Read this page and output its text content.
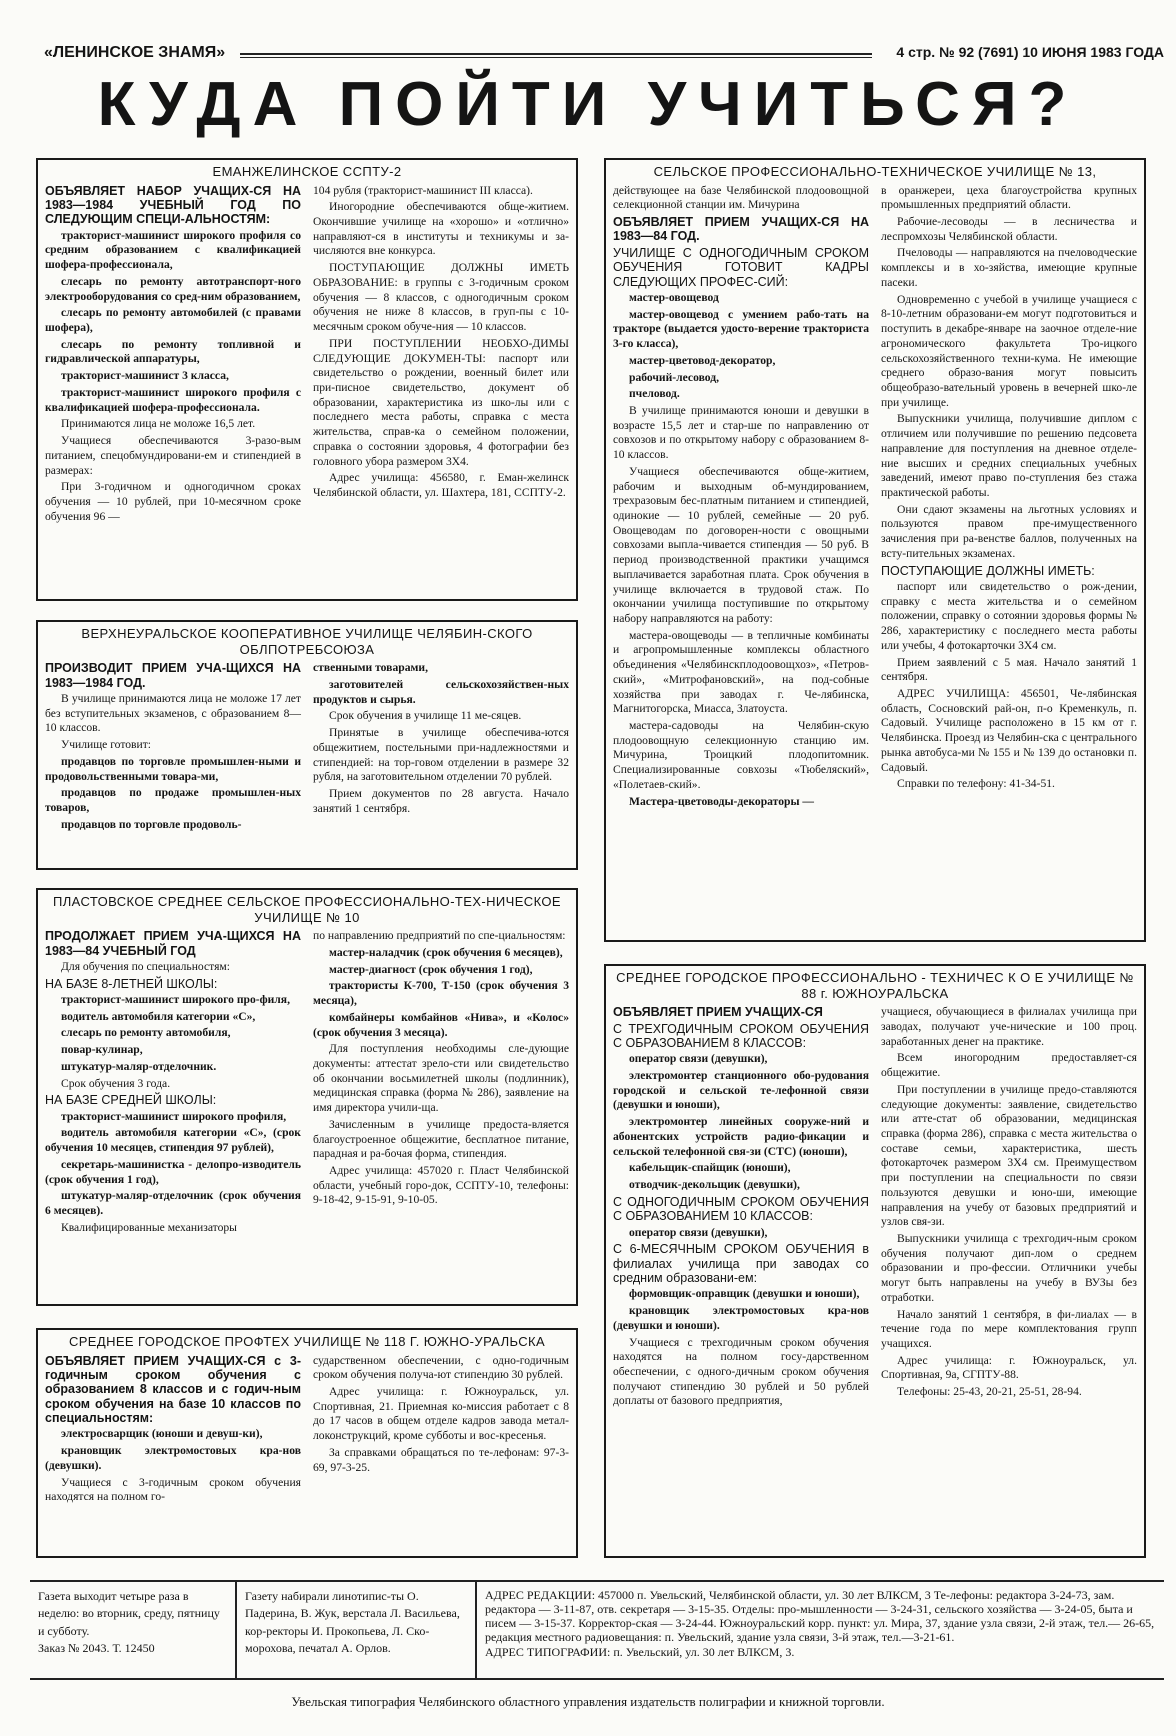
«ЛЕНИНСКОЕ ЗНАМЯ»	4 стр. № 92 (7691) 10 ИЮНЯ 1983 ГОДА
КУДА ПОЙТИ УЧИТЬСЯ?
ЕМАНЖЕЛИНСКОЕ ССПТУ-2

ОБЪЯВЛЯЕТ НАБОР УЧАЩИХ-СЯ НА 1983—1984 УЧЕБНЫЙ ГОД ПО СЛЕДУЮЩИМ СПЕЦИ-АЛЬНОСТЯМ:

тракторист-машинист широкого профиля со средним образованием с квалификацией шофера-профессионала,

слесарь по ремонту автотранспорт-ного электрооборудования со сред-ним образованием,

слесарь по ремонту автомобилей (с правами шофера),

слесарь по ремонту топливной и гидравлической аппаратуры,

тракторист-машинист 3 класса,

тракторист-машинист широкого профиля с квалификацией шофера-профессионала.

Принимаются лица не моложе 16,5 лет.

Учащиеся обеспечиваются 3-разо-вым питанием, спецобмундировани-ем и стипендией в размерах:

При 3-годичном и одногодичном сроках обучения — 10 рублей, при 10-месячном сроке обучения 96 —

104 рубля (тракторист-машинист III класса).

Иногородние обеспечиваются обще-житием. Окончившие училище на «хорошо» и «отлично» направляют-ся в институты и техникумы и за-числяются вне конкурса.

ПОСТУПАЮЩИЕ ДОЛЖНЫ ИМЕТЬ ОБРАЗОВАНИЕ: в группы с 3-годичным сроком обучения — 8 классов, с одногодичным сроком обучения не ниже 8 классов, в груп-пы с 10-месячным сроком обуче-ния — 10 классов.

ПРИ ПОСТУПЛЕНИИ НЕОБХО-ДИМЫ СЛЕДУЮЩИЕ ДОКУМЕН-ТЫ: паспорт или свидетельство о рождении, военный билет или при-писное свидетельство, документ об образовании, характеристика из шко-лы или с последнего места работы, справка с места жительства, справ-ка о семейном положении, справка о состоянии здоровья, 4 фотографии без головного убора размером 3Х4.

Адрес училища: 456580, г. Еман-желинск Челябинской области, ул. Шахтера, 181, ССПТУ-2.

ВЕРХНЕУРАЛЬСКОЕ КООПЕРАТИВНОЕ УЧИЛИЩЕ ЧЕЛЯБИН-СКОГО ОБЛПОТРЕБСОЮЗА

ПРОИЗВОДИТ ПРИЕМ УЧА-ЩИХСЯ НА 1983—1984 ГОД.

В училище принимаются лица не моложе 17 лет без вступительных экзаменов, с образованием 8—10 классов.

Училище готовит:

продавцов по торговле промышлен-ными и продовольственными товара-ми,

продавцов по продаже промышлен-ных товаров,

продавцов по торговле продоволь-

ственными товарами,

заготовителей сельскохозяйствен-ных продуктов и сырья.

Срок обучения в училище 11 ме-сяцев.

Принятые в училище обеспечива-ются общежитием, постельными при-надлежностями и стипендией: на тор-говом отделении в размере 32 рубля, на заготовительном отделении 70 рублей.

Прием документов по 28 августа. Начало занятий 1 сентября.

ПЛАСТОВСКОЕ СРЕДНЕЕ СЕЛЬСКОЕ ПРОФЕССИОНАЛЬНО-ТЕХ-НИЧЕСКОЕ УЧИЛИЩЕ № 10

ПРОДОЛЖАЕТ ПРИЕМ УЧА-ЩИХСЯ НА 1983—84 УЧЕБНЫЙ ГОД

Для обучения по специальностям:

НА БАЗЕ 8-ЛЕТНЕЙ ШКОЛЫ:

тракторист-машинист широкого про-филя,

водитель автомобиля категории «С»,

слесарь по ремонту автомобиля,

повар-кулинар,

штукатур-маляр-отделочник.

Срок обучения 3 года.

НА БАЗЕ СРЕДНЕЙ ШКОЛЫ:

тракторист-машинист широкого профиля,

водитель автомобиля категории «С», (срок обучения 10 месяцев, стипендия 97 рублей),

секретарь-машинистка - делопро-изводитель (срок обучения 1 год),

штукатур-маляр-отделочник (срок обучения 6 месяцев).

Квалифицированные механизаторы

по направлению предприятий по спе-циальностям:

мастер-наладчик (срок обучения 6 месяцев),

мастер-диагност (срок обучения 1 год),

трактористы К-700, Т-150 (срок обучения 3 месяца),

комбайнеры комбайнов «Нива», и «Колос» (срок обучения 3 месяца).

Для поступления необходимы сле-дующие документы: аттестат зрело-сти или свидетельство об окончании восьмилетней школы (подлинник), медицинская справка (форма № 286), заявление на имя директора учили-ща.

Зачисленным в училище предоста-вляется благоустроенное общежитие, бесплатное питание, парадная и ра-бочая форма, стипендия.

Адрес училища: 457020 г. Пласт Челябинской области, учебный горо-док, ССПТУ-10, телефоны: 9-18-42, 9-15-91, 9-10-05.

СРЕДНЕЕ ГОРОДСКОЕ ПРОФТЕХ УЧИЛИЩЕ № 118 Г. ЮЖНО-УРАЛЬСКА

ОБЪЯВЛЯЕТ ПРИЕМ УЧАЩИХ-СЯ с 3-годичным сроком обучения с образованием 8 классов и с годич-ным сроком обучения на базе 10 классов по специальностям:

электросварщик (юноши и девуш-ки),

крановщик электромостовых кра-нов (девушки).

Учащиеся с 3-годичным сроком обучения находятся на полном го-

сударственном обеспечении, с одно-годичным сроком обучения получа-ют стипендию 30 рублей.

Адрес училища: г. Южноуральск, ул. Спортивная, 21. Приемная ко-миссия работает с 8 до 17 часов в общем отделе кадров завода метал-локонструкций, кроме субботы и вос-кресенья.

За справками обращаться по те-лефонам: 97-3-69, 97-3-25.

СЕЛЬСКОЕ ПРОФЕССИОНАЛЬНО-ТЕХНИЧЕСКОЕ УЧИЛИЩЕ № 13,

действующее на базе Челябинской плодоовощной селекционной станции им. Мичурина

ОБЪЯВЛЯЕТ ПРИЕМ УЧАЩИХ-СЯ НА 1983—84 ГОД.

УЧИЛИЩЕ С ОДНОГОДИЧНЫМ СРОКОМ ОБУЧЕНИЯ ГОТОВИТ КАДРЫ СЛЕДУЮЩИХ ПРОФЕС-СИЙ:

мастер-овощевод

мастер-овощевод с умением рабо-тать на тракторе (выдается удосто-верение тракториста 3-го класса),

мастер-цветовод-декоратор,

рабочий-лесовод,

пчеловод.

В училище принимаются юноши и девушки в возрасте 15,5 лет и стар-ше по направлению от совхозов и по открытому набору с образованием 8-10 классов.

Учащиеся обеспечиваются обще-житием, рабочим и выходным об-мундированием, трехразовым бес-платным питанием и стипендией, одинокие — 10 рублей, семейные — 20 руб. Овощеводам по договорен-ности с овощными совхозами выпла-чивается стипендия — 50 руб. В период производственной практики учащимся выплачивается заработная плата. Срок обучения в училище включается в трудовой стаж. По окончании училища поступившие по открытому набору направляются на работу:

мастера-овощеводы — в тепличные комбинаты и агропромышленные комплексы областного объединения «Челябинскплодоовощхоз», «Петров-ский», «Митрофановский», на под-собные хозяйства при заводах г. Че-лябинска, Магнитогорска, Миасса, Златоуста.

мастера-садоводы на Челябин-скую плодоовощную селекционную станцию им. Мичурина, Троицкий плодопитомник. Специализированные совхозы «Тюбеляский», «Полетаев-ский».

Мастера-цветоводы-декораторы —

в оранжереи, цеха благоустройства крупных промышленных предприятий области.

Рабочие-лесоводы — в лесничества и леспромхозы Челябинской области.

Пчеловоды — направляются на пчеловодческие комплексы и в хо-зяйства, имеющие крупные пасеки.

Одновременно с учебой в училище учащиеся с 8-10-летним образовани-ем могут подготовиться и поступить в декабре-январе на заочное отделе-ние агрономического факультета Тро-ицкого сельскохозяйственного техни-кума. Не имеющие среднего образо-вания могут повысить общеобразо-вательный уровень в вечерней шко-ле при училище.

Выпускники училища, получившие диплом с отличием или получившие по решению педсовета направление для поступления на дневное отделе-ние высших и средних специальных учебных заведений, имеют право по-ступления без стажа практической работы.

Они сдают экзамены на льготных условиях и пользуются правом пре-имущественного зачисления при ра-венстве баллов, полученных на всту-пительных экзаменах.

ПОСТУПАЮЩИЕ ДОЛЖНЫ ИМЕТЬ:

паспорт или свидетельство о рож-дении, справку с места жительства и о семейном положении, справку о сотоянии здоровья формы № 286, характеристику с последнего места работы или учебы, 4 фотокарточки 3Х4 см.

Прием заявлений с 5 мая. Начало занятий 1 сентября.

АДРЕС УЧИЛИЩА: 456501, Че-лябинская область, Сосновский рай-он, п-о Кременкуль, п. Садовый. Училище расположено в 15 км от г. Челябинска. Проезд из Челябин-ска с центрального рынка автобуса-ми № 155 и № 139 до остановки п. Садовый.

Справки по телефону: 41-34-51.

СРЕДНЕЕ ГОРОДСКОЕ ПРОФЕССИОНАЛЬНО - ТЕХНИЧЕС К О Е УЧИЛИЩЕ № 88 г. ЮЖНОУРАЛЬСКА

ОБЪЯВЛЯЕТ ПРИЕМ УЧАЩИХ-СЯ

С ТРЕХГОДИЧНЫМ СРОКОМ ОБУЧЕНИЯ С ОБРАЗОВАНИЕМ 8 КЛАССОВ:

оператор связи (девушки),

электромонтер станционного обо-рудования городской и сельской те-лефонной связи (девушки и юноши),

электромонтер линейных сооруже-ний и абонентских устройств радио-фикации и сельской телефонной свя-зи (СТС) (юноши),

кабельщик-спайщик (юноши),

отводчик-декольщик (девушки),

С ОДНОГОДИЧНЫМ СРОКОМ ОБУЧЕНИЯ С ОБРАЗОВАНИЕМ 10 КЛАССОВ:

оператор связи (девушки),

С 6-МЕСЯЧНЫМ СРОКОМ ОБУЧЕНИЯ в филиалах училища при заводах со средним образовани-ем:

формовщик-оправщик (девушки и юноши),

крановщик электромостовых кра-нов (девушки и юноши).

Учащиеся с трехгодичным сроком обучения находятся на полном госу-дарственном обеспечении, с одного-дичным сроком обучения получают стипендию 30 рублей и 50 рублей доплаты от базового предприятия,

учащиеся, обучающиеся в филиалах училища при заводах, получают уче-нические и 100 проц. заработанных денег на практике.

Всем иногородним предоставляет-ся общежитие.

При поступлении в училище предо-ставляются следующие документы: заявление, свидетельство или атте-стат об образовании, медицинская справка (форма 286), справка с места жительства о составе семьи, характеристика, шесть фотокарточек размером 3Х4 см. Преимуществом при поступлении на специальности по связи пользуются девушки и юно-ши, имеющие направления на учебу от базовых предприятий и узлов свя-зи.

Выпускники училища с трехгодич-ным сроком обучения получают дип-лом о среднем образовании и про-фессии. Отличники учебы могут быть направлены на учебу в ВУЗы без отработки.

Начало занятий 1 сентября, в фи-лиалах — в течение года по мере комплектования групп учащихся.

Адрес училища: г. Южноуральск, ул. Спортивная, 9а, СГПТУ-88.

Телефоны: 25-43, 20-21, 25-51, 28-94.

Газета выходит четыре раза в неделю: во вторник, среду, пятницу и субботу.
Заказ № 2043. Т. 12450
Газету набирали линотипис-ты О. Падерина, В. Жук, верстала Л. Васильева, кор-ректоры И. Прокопьева, Л. Ско-морохова, печатал А. Орлов.
АДРЕС РЕДАКЦИИ: 457000 п. Увельский, Челябинской области, ул. 30 лет ВЛКСМ, 3 Те-лефоны: редактора 3-24-73, зам. редактора — 3-11-87, отв. секретаря — 3-15-35. Отделы: про-мышленности — 3-24-31, сельского хозяйства — 3-24-05, быта и писем — 3-15-37. Корректор-ская — 3-24-44. Южноуральский корр. пункт: ул. Мира, 37, здание узла связи, 2-й этаж, тел.— 26-65, редакция местного радиовещания: п. Увельский, здание узла связи, 3-й этаж, тел.—3-21-61.
АДРЕС ТИПОГРАФИИ: п. Увельский, ул. 30 лет ВЛКСМ, 3.
Увельская типография Челябинского областного управления издательств полиграфии и книжной торговли.
